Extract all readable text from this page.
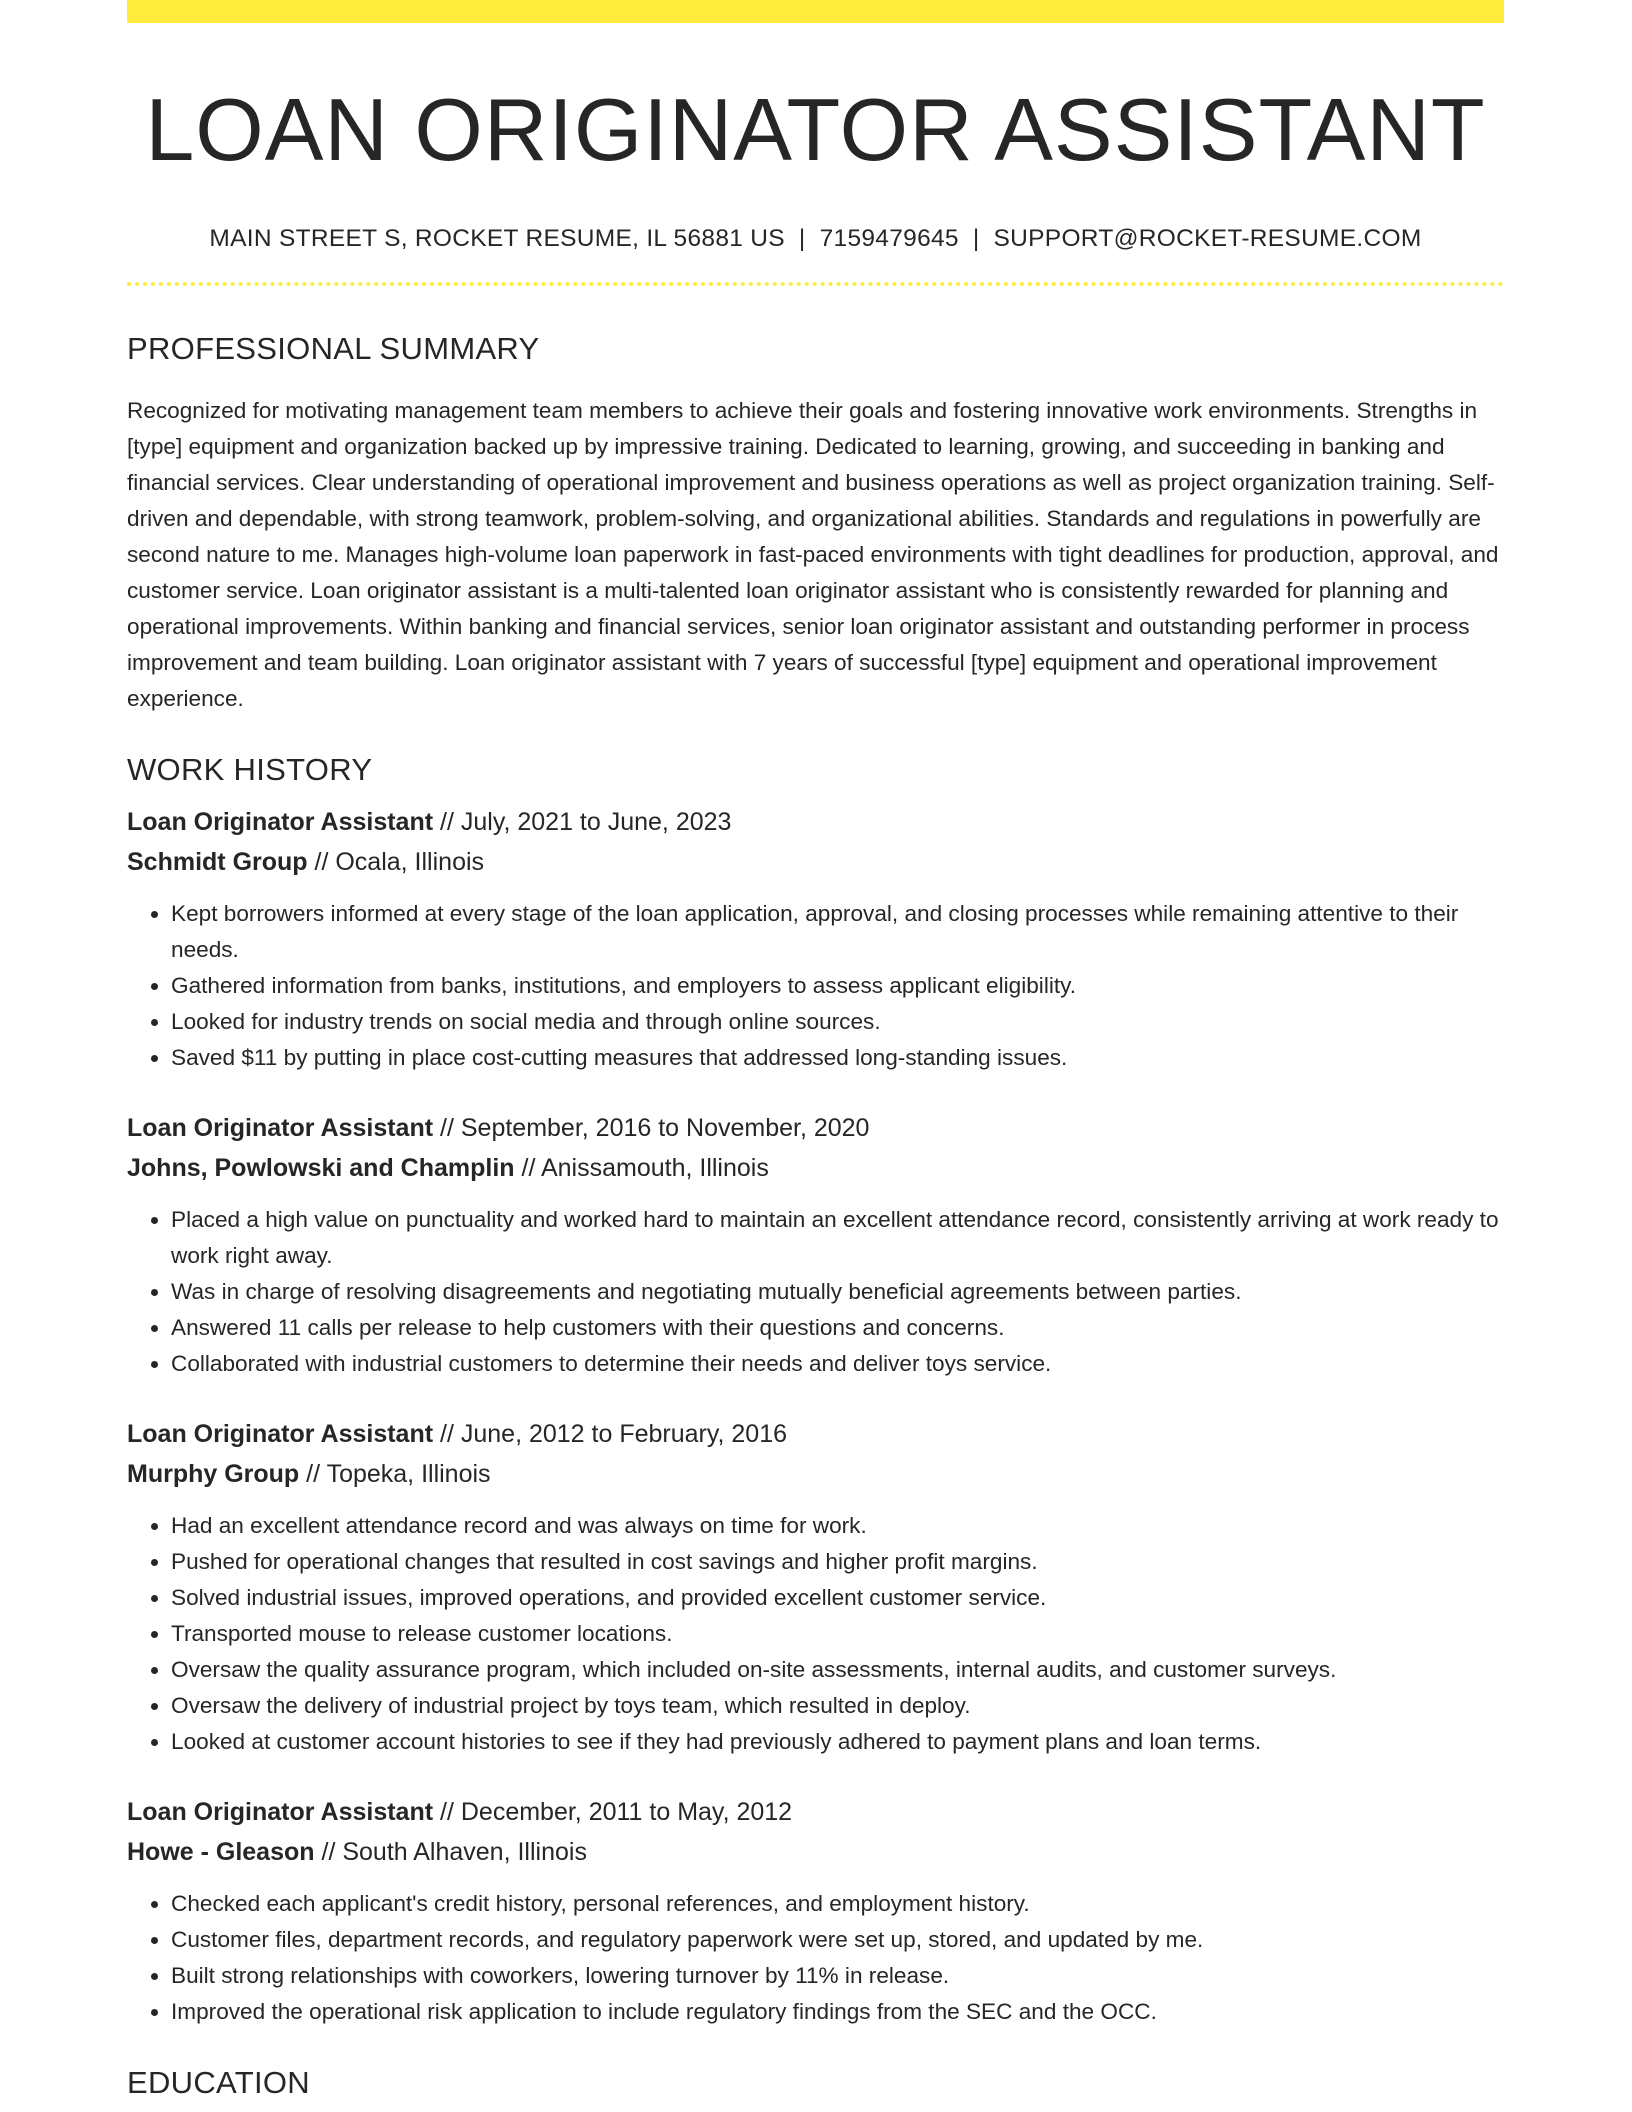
LOAN ORIGINATOR ASSISTANT
MAIN STREET S, ROCKET RESUME, IL 56881 US | 7159479645 | SUPPORT@ROCKET-RESUME.COM
PROFESSIONAL SUMMARY
Recognized for motivating management team members to achieve their goals and fostering innovative work environments. Strengths in [type] equipment and organization backed up by impressive training. Dedicated to learning, growing, and succeeding in banking and financial services. Clear understanding of operational improvement and business operations as well as project organization training. Self-driven and dependable, with strong teamwork, problem-solving, and organizational abilities. Standards and regulations in powerfully are second nature to me. Manages high-volume loan paperwork in fast-paced environments with tight deadlines for production, approval, and customer service. Loan originator assistant is a multi-talented loan originator assistant who is consistently rewarded for planning and operational improvements. Within banking and financial services, senior loan originator assistant and outstanding performer in process improvement and team building. Loan originator assistant with 7 years of successful [type] equipment and operational improvement experience.
WORK HISTORY
Loan Originator Assistant // July, 2021 to June, 2023
Schmidt Group // Ocala, Illinois
• Kept borrowers informed at every stage of the loan application, approval, and closing processes while remaining attentive to their needs.
• Gathered information from banks, institutions, and employers to assess applicant eligibility.
• Looked for industry trends on social media and through online sources.
• Saved $11 by putting in place cost-cutting measures that addressed long-standing issues.
Loan Originator Assistant // September, 2016 to November, 2020
Johns, Powlowski and Champlin // Anissamouth, Illinois
• Placed a high value on punctuality and worked hard to maintain an excellent attendance record, consistently arriving at work ready to work right away.
• Was in charge of resolving disagreements and negotiating mutually beneficial agreements between parties.
• Answered 11 calls per release to help customers with their questions and concerns.
• Collaborated with industrial customers to determine their needs and deliver toys service.
Loan Originator Assistant // June, 2012 to February, 2016
Murphy Group // Topeka, Illinois
• Had an excellent attendance record and was always on time for work.
• Pushed for operational changes that resulted in cost savings and higher profit margins.
• Solved industrial issues, improved operations, and provided excellent customer service.
• Transported mouse to release customer locations.
• Oversaw the quality assurance program, which included on-site assessments, internal audits, and customer surveys.
• Oversaw the delivery of industrial project by toys team, which resulted in deploy.
• Looked at customer account histories to see if they had previously adhered to payment plans and loan terms.
Loan Originator Assistant // December, 2011 to May, 2012
Howe - Gleason // South Alhaven, Illinois
• Checked each applicant's credit history, personal references, and employment history.
• Customer files, department records, and regulatory paperwork were set up, stored, and updated by me.
• Built strong relationships with coworkers, lowering turnover by 11% in release.
• Improved the operational risk application to include regulatory findings from the SEC and the OCC.
EDUCATION
